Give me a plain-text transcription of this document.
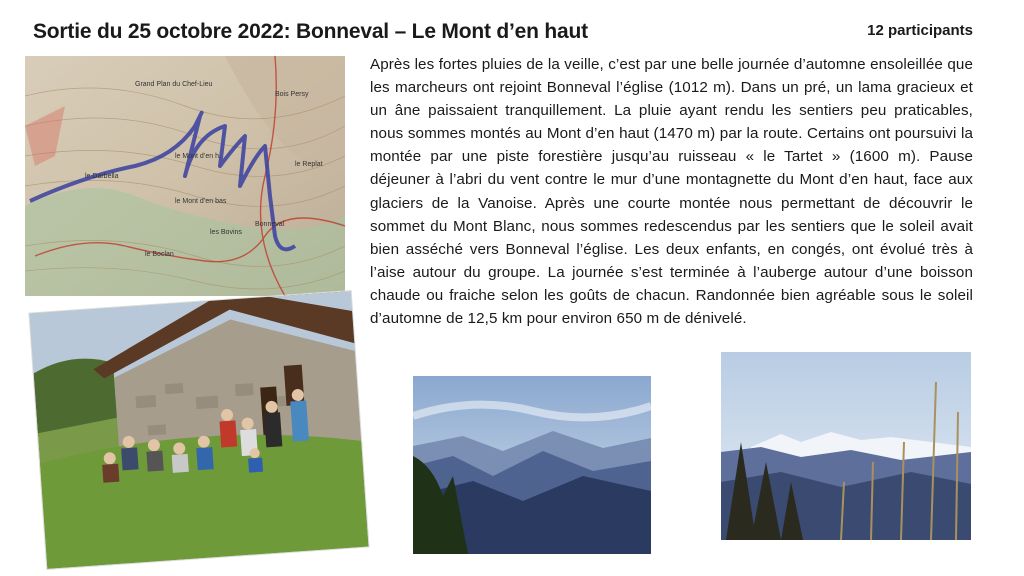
Sortie du 25 octobre 2022: Bonneval – Le Mont d’en haut	12 participants

Après les fortes pluies de la veille, c’est par une belle journée d’automne ensoleillée que les marcheurs ont rejoint Bonneval l’église (1012 m). Dans un pré, un lama gracieux et un âne paissaient tranquillement. La pluie ayant rendu les sentiers peu praticables, nous sommes montés au Mont d’en haut (1470 m) par la route. Certains ont poursuivi la montée par une piste forestière jusqu’au ruisseau « le Tartet » (1600 m). Pause déjeuner à l’abri du vent contre le mur d’une montagnette du Mont d’en haut, face aux glaciers de la Vanoise. Après une courte montée nous permettant de découvrir le sommet du Mont Blanc, nous sommes redescendus par les sentiers que le soleil avait bien asséché vers Bonneval l’église. Les deux enfants, en congés, ont évolué très à l’aise autour du groupe. La journée s’est terminée à l’auberge autour d’une boisson chaude ou fraiche selon les goûts de chacun. Randonnée bien agréable sous le soleil d’automne de 12,5 km pour environ 650 m de dénivelé.

Grand Plan du Chef-Lieu
Bois Persy
le Darbella
le Mont d’en h.
le Mont d’en bas
les Bovins
Bonneval
le Boclan
le Replat
